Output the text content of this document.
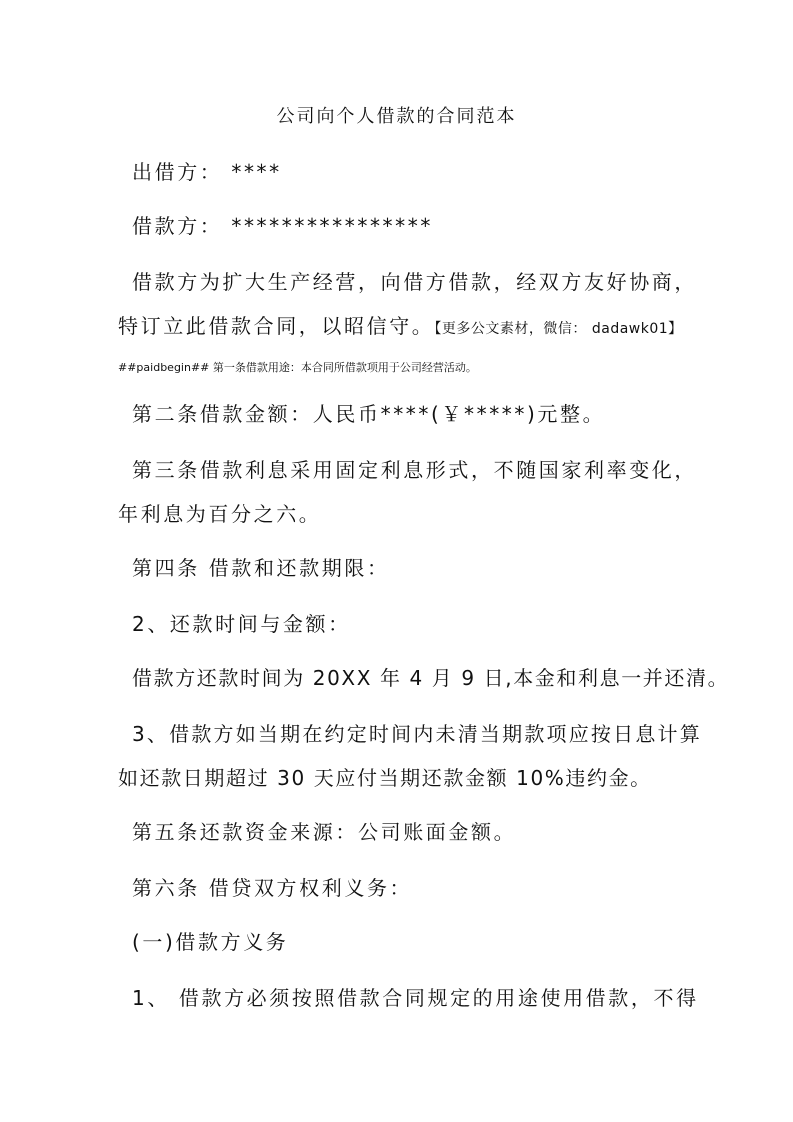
公司向个人借款的合同范本
出借方： ****
借款方： ****************
借款方为扩大生产经营，向借方借款，经双方友好协商，
特订立此借款合同，以昭信守。【更多公文素材，微信： dadawk01】
##paidbegin## 第一条借款用途：本合同所借款项用于公司经营活动。
第二条借款金额：人民币****(￥*****)元整。
第三条借款利息采用固定利息形式，不随国家利率变化，
年利息为百分之六。
第四条 借款和还款期限：
2、还款时间与金额：
借款方还款时间为 20XX 年 4 月 9 日,本金和利息一并还清。
3、借款方如当期在约定时间内未清当期款项应按日息计算
如还款日期超过 30 天应付当期还款金额 10%违约金。
第五条还款资金来源：公司账面金额。
第六条 借贷双方权利义务：
(一)借款方义务
1、 借款方必须按照借款合同规定的用途使用借款，不得
